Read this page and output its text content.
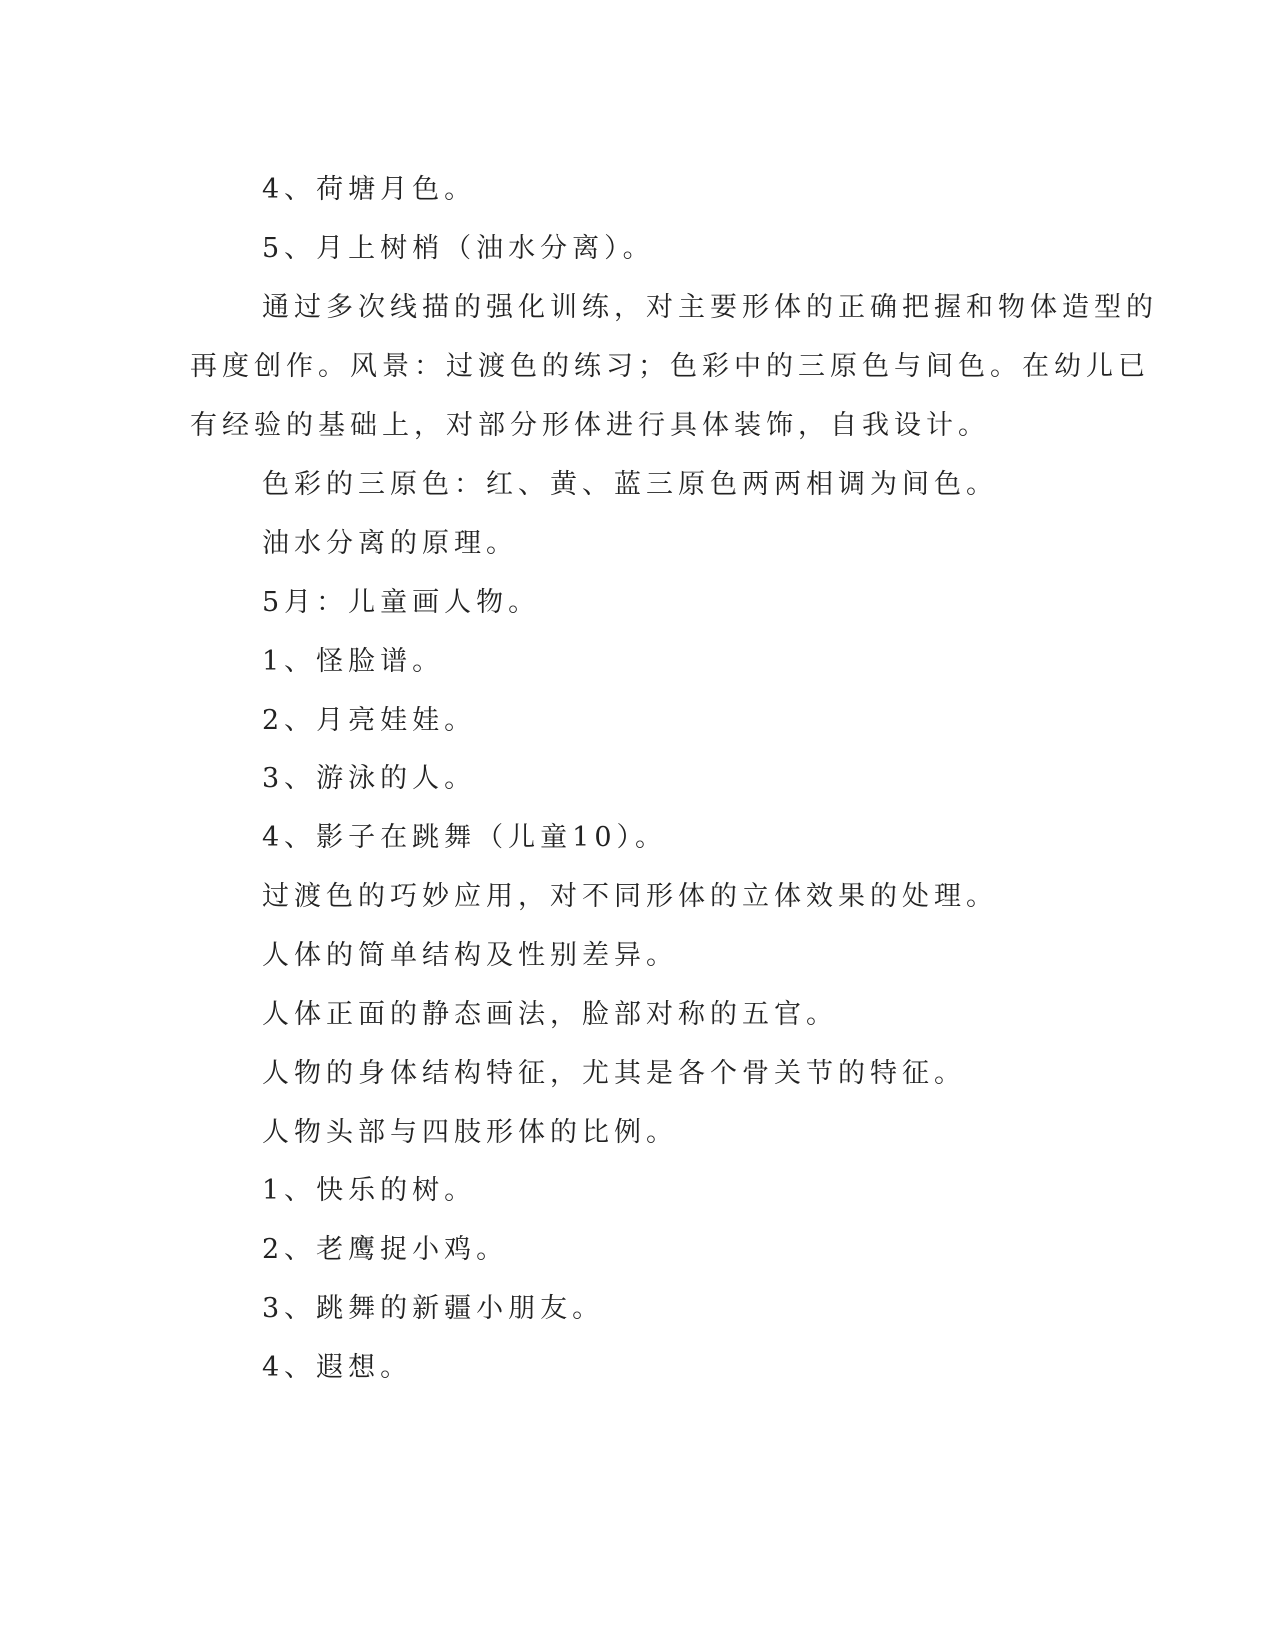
4、荷塘月色。
5、月上树梢（油水分离）。
通过多次线描的强化训练，对主要形体的正确把握和物体造型的
再度创作。风景：过渡色的练习；色彩中的三原色与间色。在幼儿已
有经验的基础上，对部分形体进行具体装饰，自我设计。
色彩的三原色：红、黄、蓝三原色两两相调为间色。
油水分离的原理。
5月：儿童画人物。
1、怪脸谱。
2、月亮娃娃。
3、游泳的人。
4、影子在跳舞（儿童10）。
过渡色的巧妙应用，对不同形体的立体效果的处理。
人体的简单结构及性别差异。
人体正面的静态画法，脸部对称的五官。
人物的身体结构特征，尤其是各个骨关节的特征。
人物头部与四肢形体的比例。
1、快乐的树。
2、老鹰捉小鸡。
3、跳舞的新疆小朋友。
4、遐想。
